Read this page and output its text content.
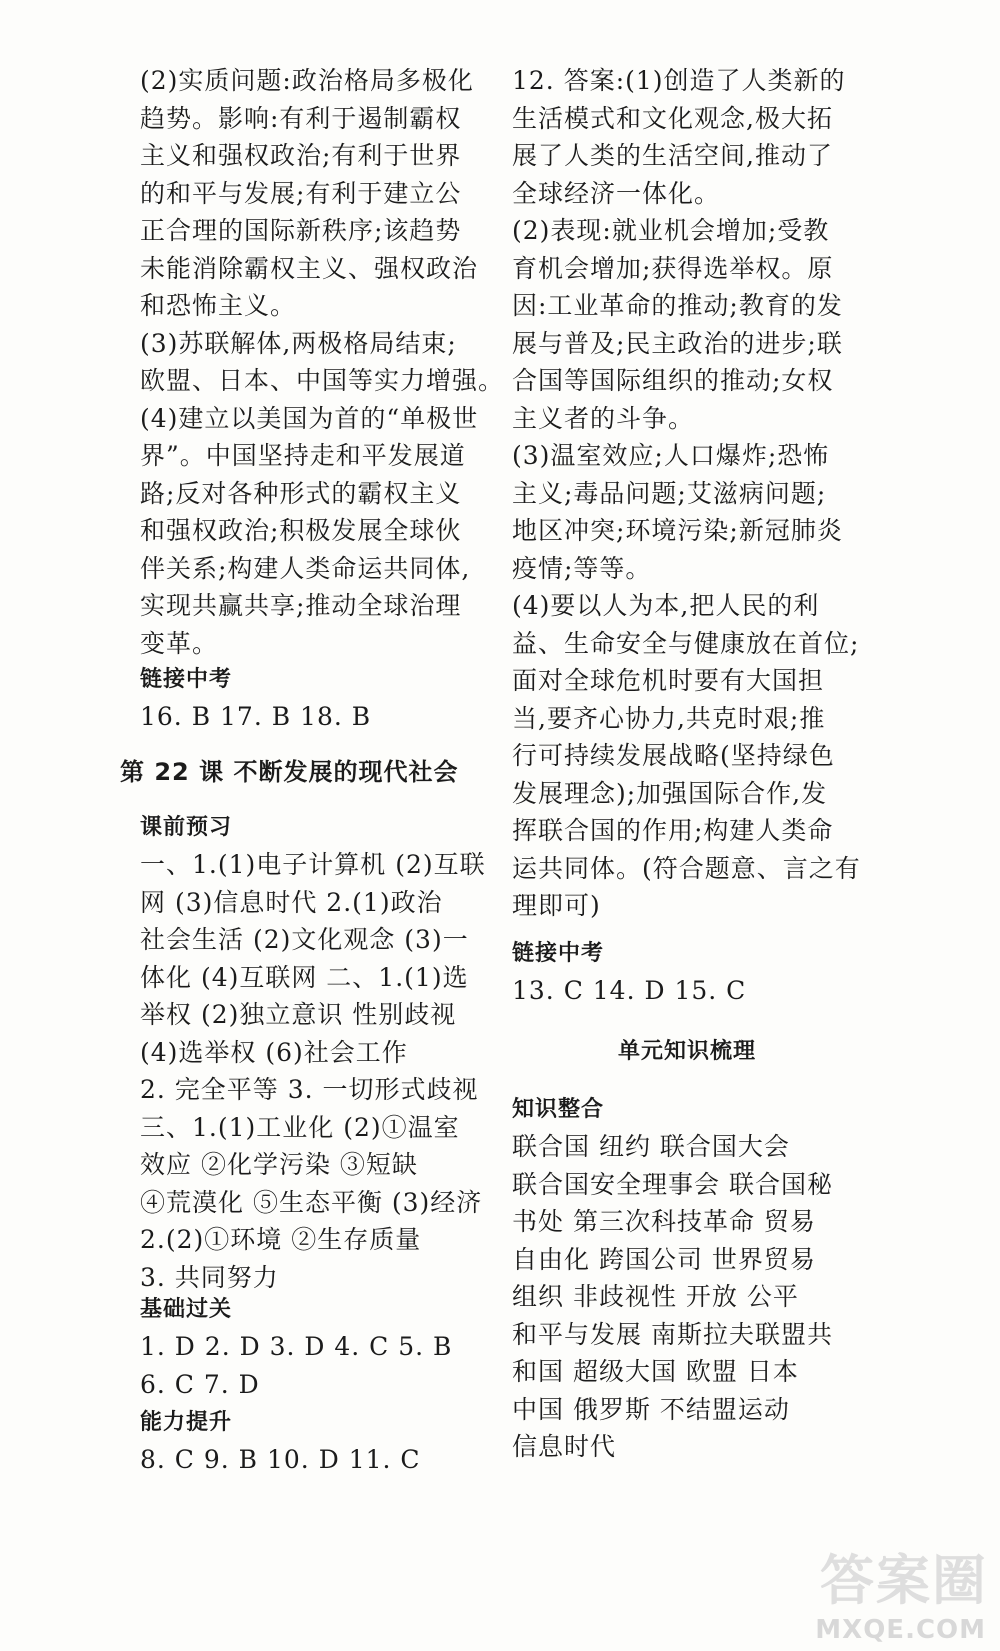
(2)实质问题:政治格局多极化
趋势。影响:有利于遏制霸权
主义和强权政治;有利于世界
的和平与发展;有利于建立公
正合理的国际新秩序;该趋势
未能消除霸权主义、强权政治
和恐怖主义。
(3)苏联解体,两极格局结束;
欧盟、日本、中国等实力增强。
(4)建立以美国为首的“单极世
界”。中国坚持走和平发展道
路;反对各种形式的霸权主义
和强权政治;积极发展全球伙
伴关系;构建人类命运共同体,
实现共赢共享;推动全球治理
变革。
链接中考
16. B 17. B 18. B
第 22 课 不断发展的现代社会
课前预习
一、1.(1)电子计算机 (2)互联
网 (3)信息时代 2.(1)政治
社会生活 (2)文化观念 (3)一
体化 (4)互联网 二、1.(1)选
举权 (2)独立意识 性别歧视
(4)选举权 (6)社会工作
2. 完全平等 3. 一切形式歧视
三、1.(1)工业化 (2)①温室
效应 ②化学污染 ③短缺
④荒漠化 ⑤生态平衡 (3)经济
2.(2)①环境 ②生存质量
3. 共同努力
基础过关
1. D 2. D 3. D 4. C 5. B
6. C 7. D
能力提升
8. C 9. B 10. D 11. C
12. 答案:(1)创造了人类新的
生活模式和文化观念,极大拓
展了人类的生活空间,推动了
全球经济一体化。
(2)表现:就业机会增加;受教
育机会增加;获得选举权。原
因:工业革命的推动;教育的发
展与普及;民主政治的进步;联
合国等国际组织的推动;女权
主义者的斗争。
(3)温室效应;人口爆炸;恐怖
主义;毒品问题;艾滋病问题;
地区冲突;环境污染;新冠肺炎
疫情;等等。
(4)要以人为本,把人民的利
益、生命安全与健康放在首位;
面对全球危机时要有大国担
当,要齐心协力,共克时艰;推
行可持续发展战略(坚持绿色
发展理念);加强国际合作,发
挥联合国的作用;构建人类命
运共同体。(符合题意、言之有
理即可)
链接中考
13. C 14. D 15. C
单元知识梳理
知识整合
联合国 纽约 联合国大会
联合国安全理事会 联合国秘
书处 第三次科技革命 贸易
自由化 跨国公司 世界贸易
组织 非歧视性 开放 公平
和平与发展 南斯拉夫联盟共
和国 超级大国 欧盟 日本
中国 俄罗斯 不结盟运动
信息时代
答案圈
MXQE.COM
